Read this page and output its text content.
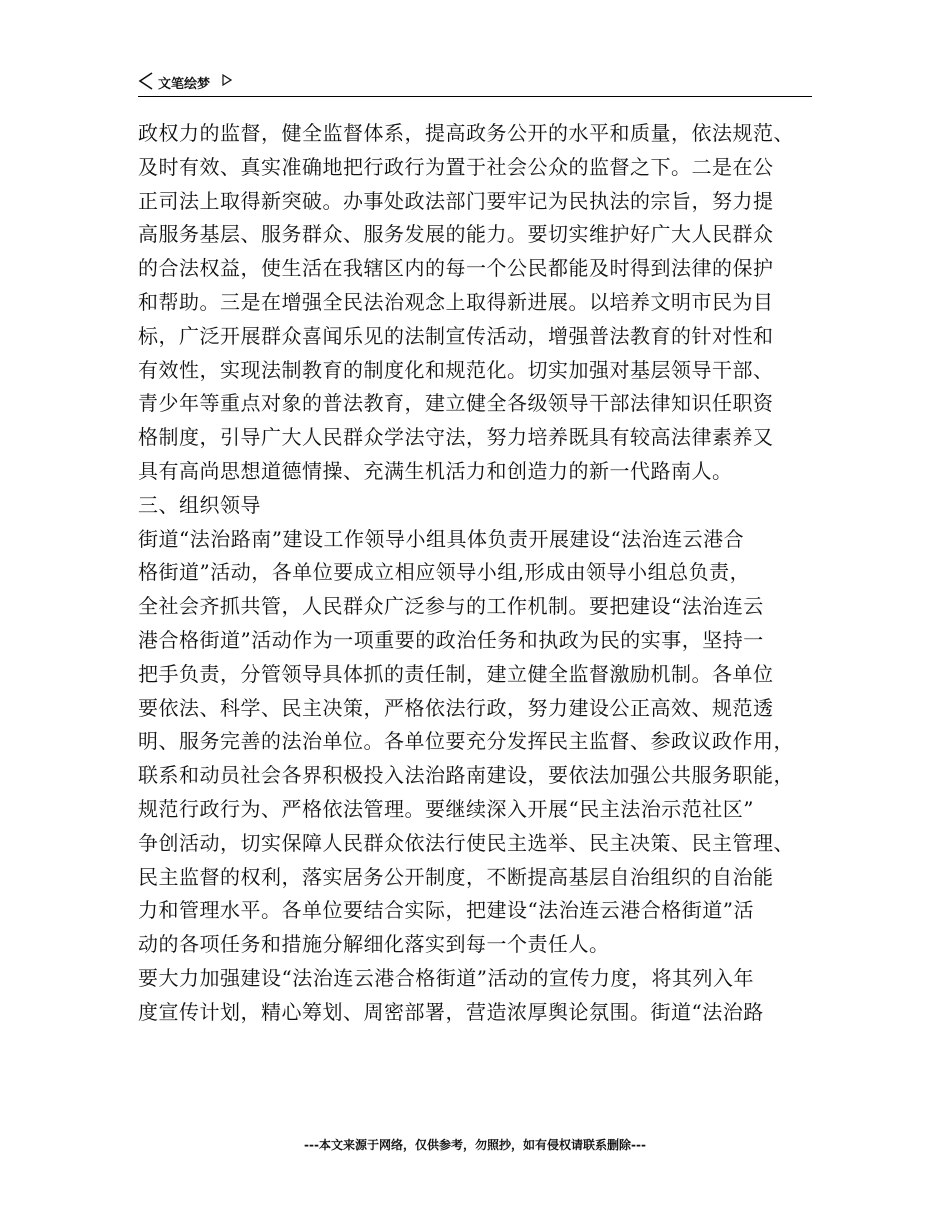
文笔绘梦
政权力的监督，健全监督体系，提高政务公开的水平和质量，依法规范、
及时有效、真实准确地把行政行为置于社会公众的监督之下。二是在公
正司法上取得新突破。办事处政法部门要牢记为民执法的宗旨，努力提
高服务基层、服务群众、服务发展的能力。要切实维护好广大人民群众
的合法权益，使生活在我辖区内的每一个公民都能及时得到法律的保护
和帮助。三是在增强全民法治观念上取得新进展。以培养文明市民为目
标，广泛开展群众喜闻乐见的法制宣传活动，增强普法教育的针对性和
有效性，实现法制教育的制度化和规范化。切实加强对基层领导干部、
青少年等重点对象的普法教育，建立健全各级领导干部法律知识任职资
格制度，引导广大人民群众学法守法，努力培养既具有较高法律素养又
具有高尚思想道德情操、充满生机活力和创造力的新一代路南人。
三、组织领导
街道“法治路南”建设工作领导小组具体负责开展建设“法治连云港合
格街道”活动，各单位要成立相应领导小组,形成由领导小组总负责，
全社会齐抓共管，人民群众广泛参与的工作机制。要把建设“法治连云
港合格街道”活动作为一项重要的政治任务和执政为民的实事，坚持一
把手负责，分管领导具体抓的责任制，建立健全监督激励机制。各单位
要依法、科学、民主决策，严格依法行政，努力建设公正高效、规范透
明、服务完善的法治单位。各单位要充分发挥民主监督、参政议政作用，
联系和动员社会各界积极投入法治路南建设，要依法加强公共服务职能，
规范行政行为、严格依法管理。要继续深入开展“民主法治示范社区”
争创活动，切实保障人民群众依法行使民主选举、民主决策、民主管理、
民主监督的权利，落实居务公开制度，不断提高基层自治组织的自治能
力和管理水平。各单位要结合实际，把建设“法治连云港合格街道”活
动的各项任务和措施分解细化落实到每一个责任人。
要大力加强建设“法治连云港合格街道”活动的宣传力度，将其列入年
度宣传计划，精心筹划、周密部署，营造浓厚舆论氛围。街道“法治路
---本文来源于网络，仅供参考，勿照抄，如有侵权请联系删除---
